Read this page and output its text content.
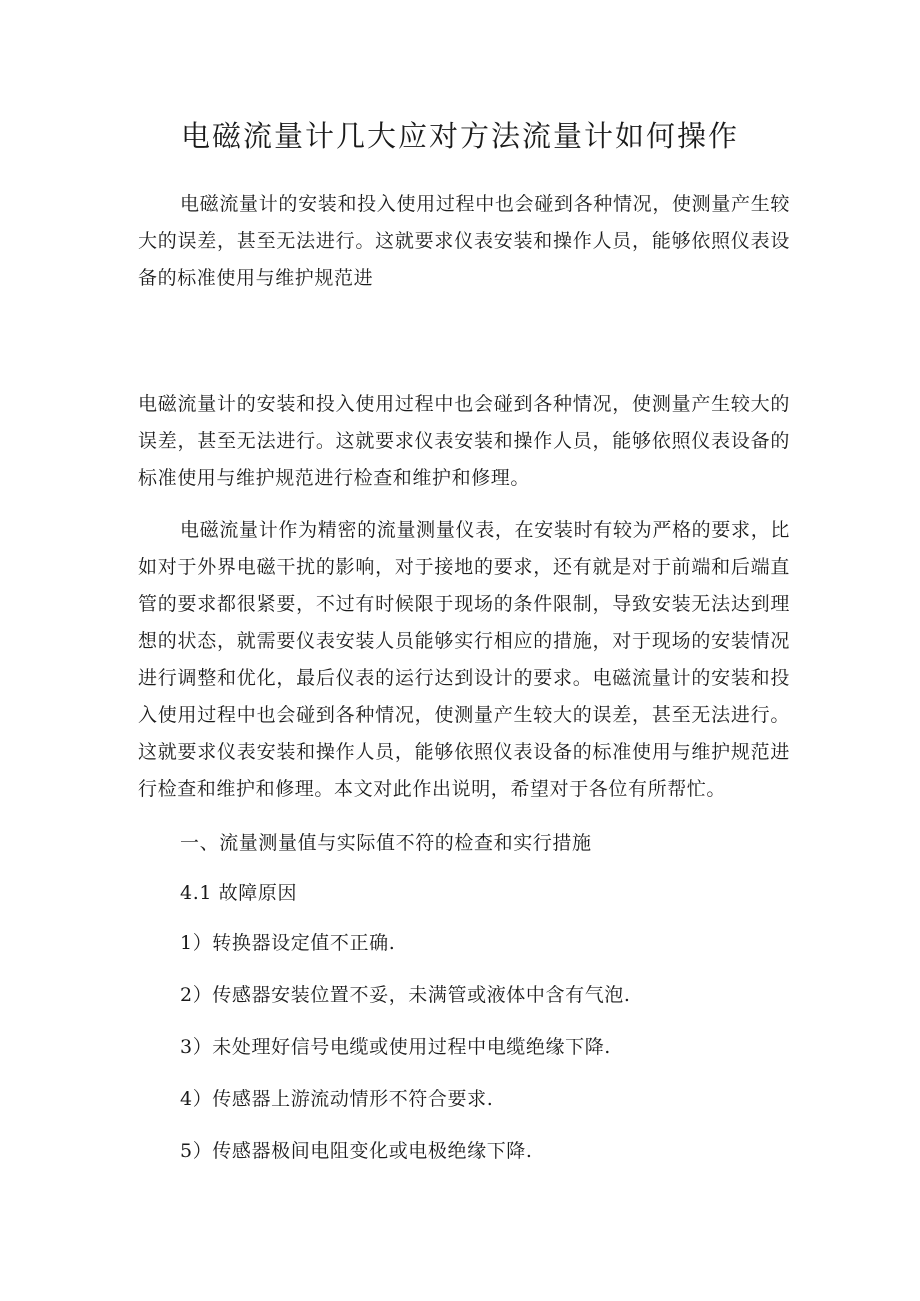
电磁流量计几大应对方法流量计如何操作

电磁流量计的安装和投入使用过程中也会碰到各种情况，使测量产生较大的误差，甚至无法进行。这就要求仪表安装和操作人员，能够依照仪表设备的标准使用与维护规范进

电磁流量计的安装和投入使用过程中也会碰到各种情况，使测量产生较大的误差，甚至无法进行。这就要求仪表安装和操作人员，能够依照仪表设备的标准使用与维护规范进行检查和维护和修理。

电磁流量计作为精密的流量测量仪表，在安装时有较为严格的要求，比如对于外界电磁干扰的影响，对于接地的要求，还有就是对于前端和后端直管的要求都很紧要，不过有时候限于现场的条件限制，导致安装无法达到理想的状态，就需要仪表安装人员能够实行相应的措施，对于现场的安装情况进行调整和优化，最后仪表的运行达到设计的要求。电磁流量计的安装和投入使用过程中也会碰到各种情况，使测量产生较大的误差，甚至无法进行。这就要求仪表安装和操作人员，能够依照仪表设备的标准使用与维护规范进行检查和维护和修理。本文对此作出说明，希望对于各位有所帮忙。

一、流量测量值与实际值不符的检查和实行措施

4.1 故障原因

1）转换器设定值不正确.

2）传感器安装位置不妥，未满管或液体中含有气泡.

3）未处理好信号电缆或使用过程中电缆绝缘下降.

4）传感器上游流动情形不符合要求.

5）传感器极间电阻变化或电极绝缘下降.
